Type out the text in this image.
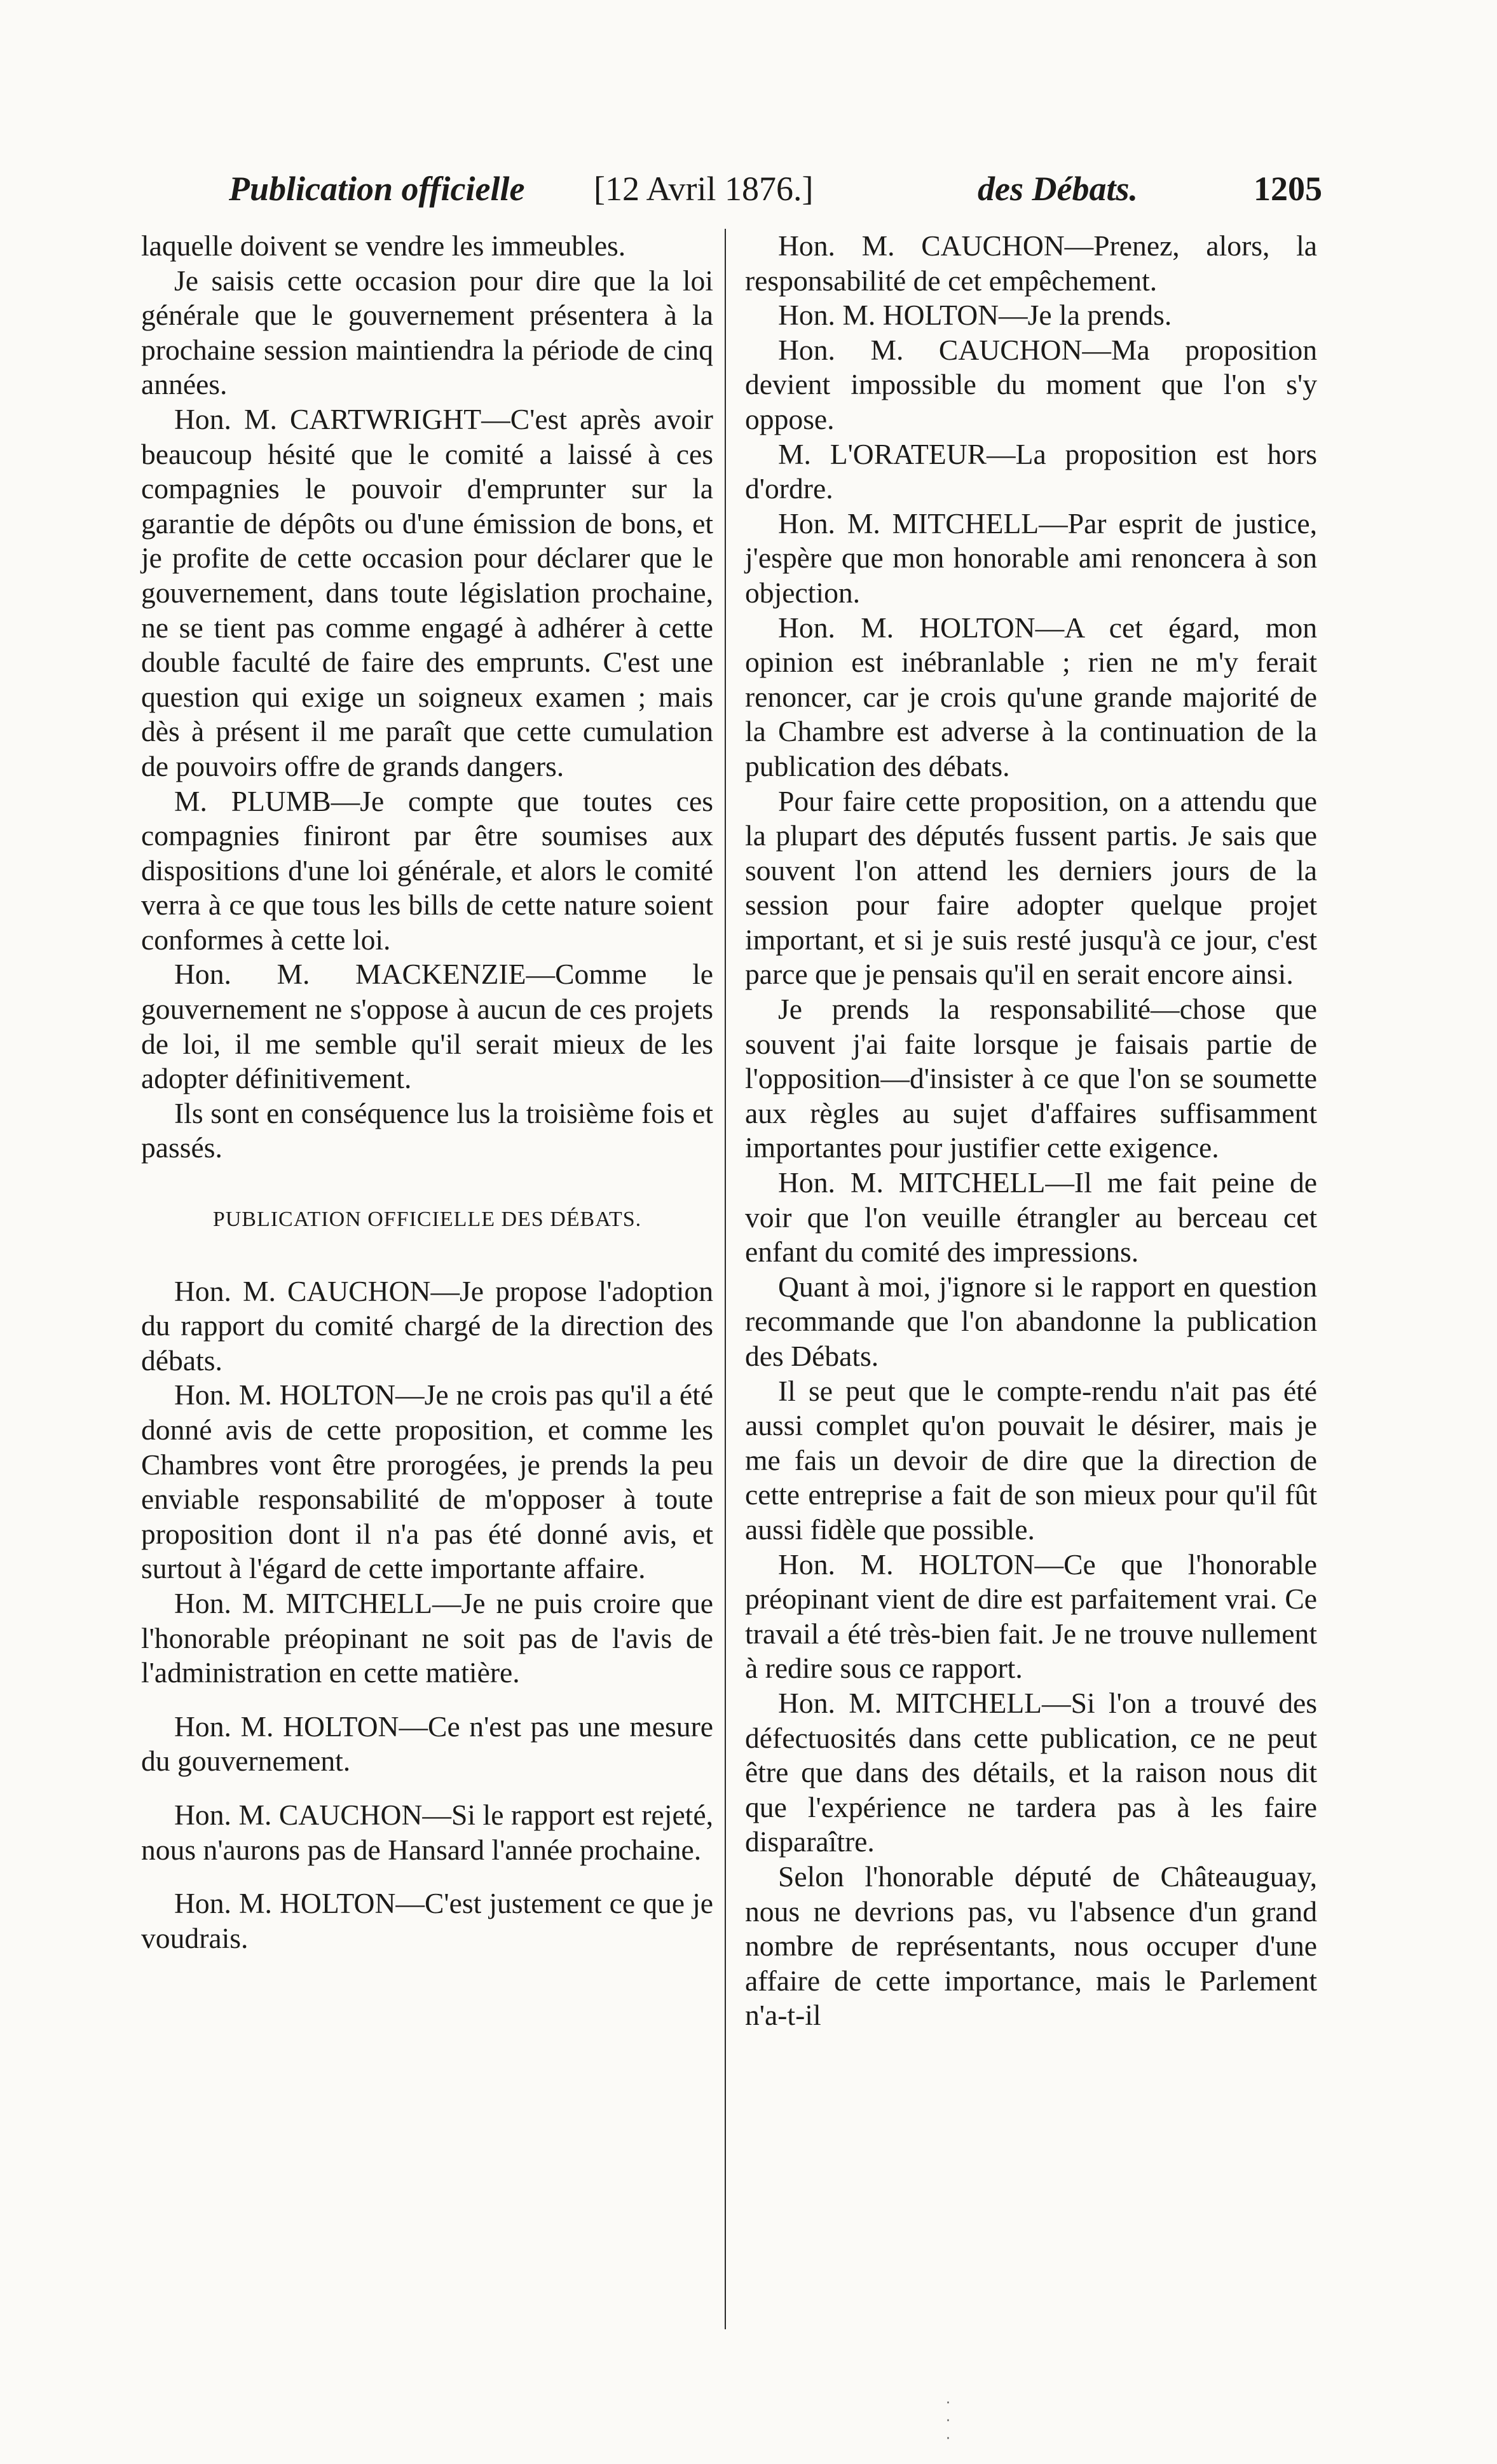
Publication officielle [12 Avril 1876.]	des Débats.	1205

laquelle doivent se vendre les immeubles.

Je saisis cette occasion pour dire que la loi générale que le gouvernement présentera à la prochaine session maintiendra la période de cinq années.

Hon. M. CARTWRIGHT—C'est après avoir beaucoup hésité que le comité a laissé à ces compagnies le pouvoir d'emprunter sur la garantie de dépôts ou d'une émission de bons, et je profite de cette occasion pour déclarer que le gouvernement, dans toute législation prochaine, ne se tient pas comme engagé à adhérer à cette double faculté de faire des emprunts. C'est une question qui exige un soigneux examen ; mais dès à présent il me paraît que cette cumulation de pouvoirs offre de grands dangers.

M. PLUMB—Je compte que toutes ces compagnies finiront par être soumises aux dispositions d'une loi générale, et alors le comité verra à ce que tous les bills de cette nature soient conformes à cette loi.

Hon. M. MACKENZIE—Comme le gouvernement ne s'oppose à aucun de ces projets de loi, il me semble qu'il serait mieux de les adopter définitivement.

Ils sont en conséquence lus la troisième fois et passés.

PUBLICATION OFFICIELLE DES DÉBATS.

Hon. M. CAUCHON—Je propose l'adoption du rapport du comité chargé de la direction des débats.

Hon. M. HOLTON—Je ne crois pas qu'il a été donné avis de cette proposition, et comme les Chambres vont être prorogées, je prends la peu enviable responsabilité de m'opposer à toute proposition dont il n'a pas été donné avis, et surtout à l'égard de cette importante affaire.

Hon. M. MITCHELL—Je ne puis croire que l'honorable préopinant ne soit pas de l'avis de l'administration en cette matière.

Hon. M. HOLTON—Ce n'est pas une mesure du gouvernement.

Hon. M. CAUCHON—Si le rapport est rejeté, nous n'aurons pas de Hansard l'année prochaine.

Hon. M. HOLTON—C'est justement ce que je voudrais.

Hon. M. CAUCHON—Prenez, alors, la responsabilité de cet empêchement.

Hon. M. HOLTON—Je la prends.

Hon. M. CAUCHON—Ma proposition devient impossible du moment que l'on s'y oppose.

M. L'ORATEUR—La proposition est hors d'ordre.

Hon. M. MITCHELL—Par esprit de justice, j'espère que mon honorable ami renoncera à son objection.

Hon. M. HOLTON—A cet égard, mon opinion est inébranlable ; rien ne m'y ferait renoncer, car je crois qu'une grande majorité de la Chambre est adverse à la continuation de la publication des débats.

Pour faire cette proposition, on a attendu que la plupart des députés fussent partis. Je sais que souvent l'on attend les derniers jours de la session pour faire adopter quelque projet important, et si je suis resté jusqu'à ce jour, c'est parce que je pensais qu'il en serait encore ainsi.

Je prends la responsabilité—chose que souvent j'ai faite lorsque je faisais partie de l'opposition—d'insister à ce que l'on se soumette aux règles au sujet d'affaires suffisamment importantes pour justifier cette exigence.

Hon. M. MITCHELL—Il me fait peine de voir que l'on veuille étrangler au berceau cet enfant du comité des impressions.

Quant à moi, j'ignore si le rapport en question recommande que l'on abandonne la publication des Débats.

Il se peut que le compte-rendu n'ait pas été aussi complet qu'on pouvait le désirer, mais je me fais un devoir de dire que la direction de cette entreprise a fait de son mieux pour qu'il fût aussi fidèle que possible.

Hon. M. HOLTON—Ce que l'honorable préopinant vient de dire est parfaitement vrai. Ce travail a été très-bien fait. Je ne trouve nullement à redire sous ce rapport.

Hon. M. MITCHELL—Si l'on a trouvé des défectuosités dans cette publication, ce ne peut être que dans des détails, et la raison nous dit que l'expérience ne tardera pas à les faire disparaître.

Selon l'honorable député de Châteauguay, nous ne devrions pas, vu l'absence d'un grand nombre de représentants, nous occuper d'une affaire de cette importance, mais le Parlement n'a-t-il

·
·
·
